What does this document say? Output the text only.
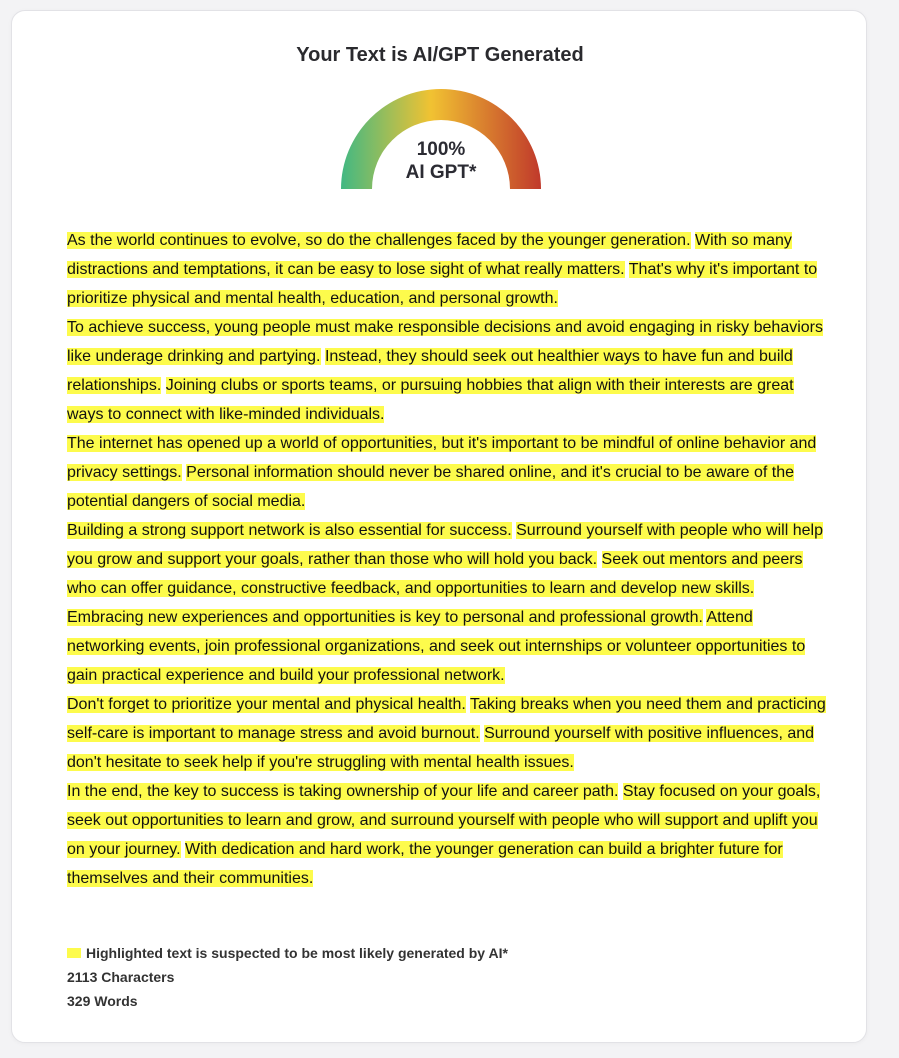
Your Text is AI/GPT Generated
100%
AI GPT*

As the world continues to evolve, so do the challenges faced by the younger generation. With so many distractions and temptations, it can be easy to lose sight of what really matters. That's why it's important to prioritize physical and mental health, education, and personal growth.

To achieve success, young people must make responsible decisions and avoid engaging in risky behaviors like underage drinking and partying. Instead, they should seek out healthier ways to have fun and build relationships. Joining clubs or sports teams, or pursuing hobbies that align with their interests are great ways to connect with like-minded individuals.

The internet has opened up a world of opportunities, but it's important to be mindful of online behavior and privacy settings. Personal information should never be shared online, and it's crucial to be aware of the potential dangers of social media.

Building a strong support network is also essential for success. Surround yourself with people who will help you grow and support your goals, rather than those who will hold you back. Seek out mentors and peers who can offer guidance, constructive feedback, and opportunities to learn and develop new skills.

Embracing new experiences and opportunities is key to personal and professional growth. Attend networking events, join professional organizations, and seek out internships or volunteer opportunities to gain practical experience and build your professional network.

Don't forget to prioritize your mental and physical health. Taking breaks when you need them and practicing self-care is important to manage stress and avoid burnout. Surround yourself with positive influences, and don't hesitate to seek help if you're struggling with mental health issues.

In the end, the key to success is taking ownership of your life and career path. Stay focused on your goals, seek out opportunities to learn and grow, and surround yourself with people who will support and uplift you on your journey. With dedication and hard work, the younger generation can build a brighter future for themselves and their communities.

Highlighted text is suspected to be most likely generated by AI*
2113 Characters
329 Words
